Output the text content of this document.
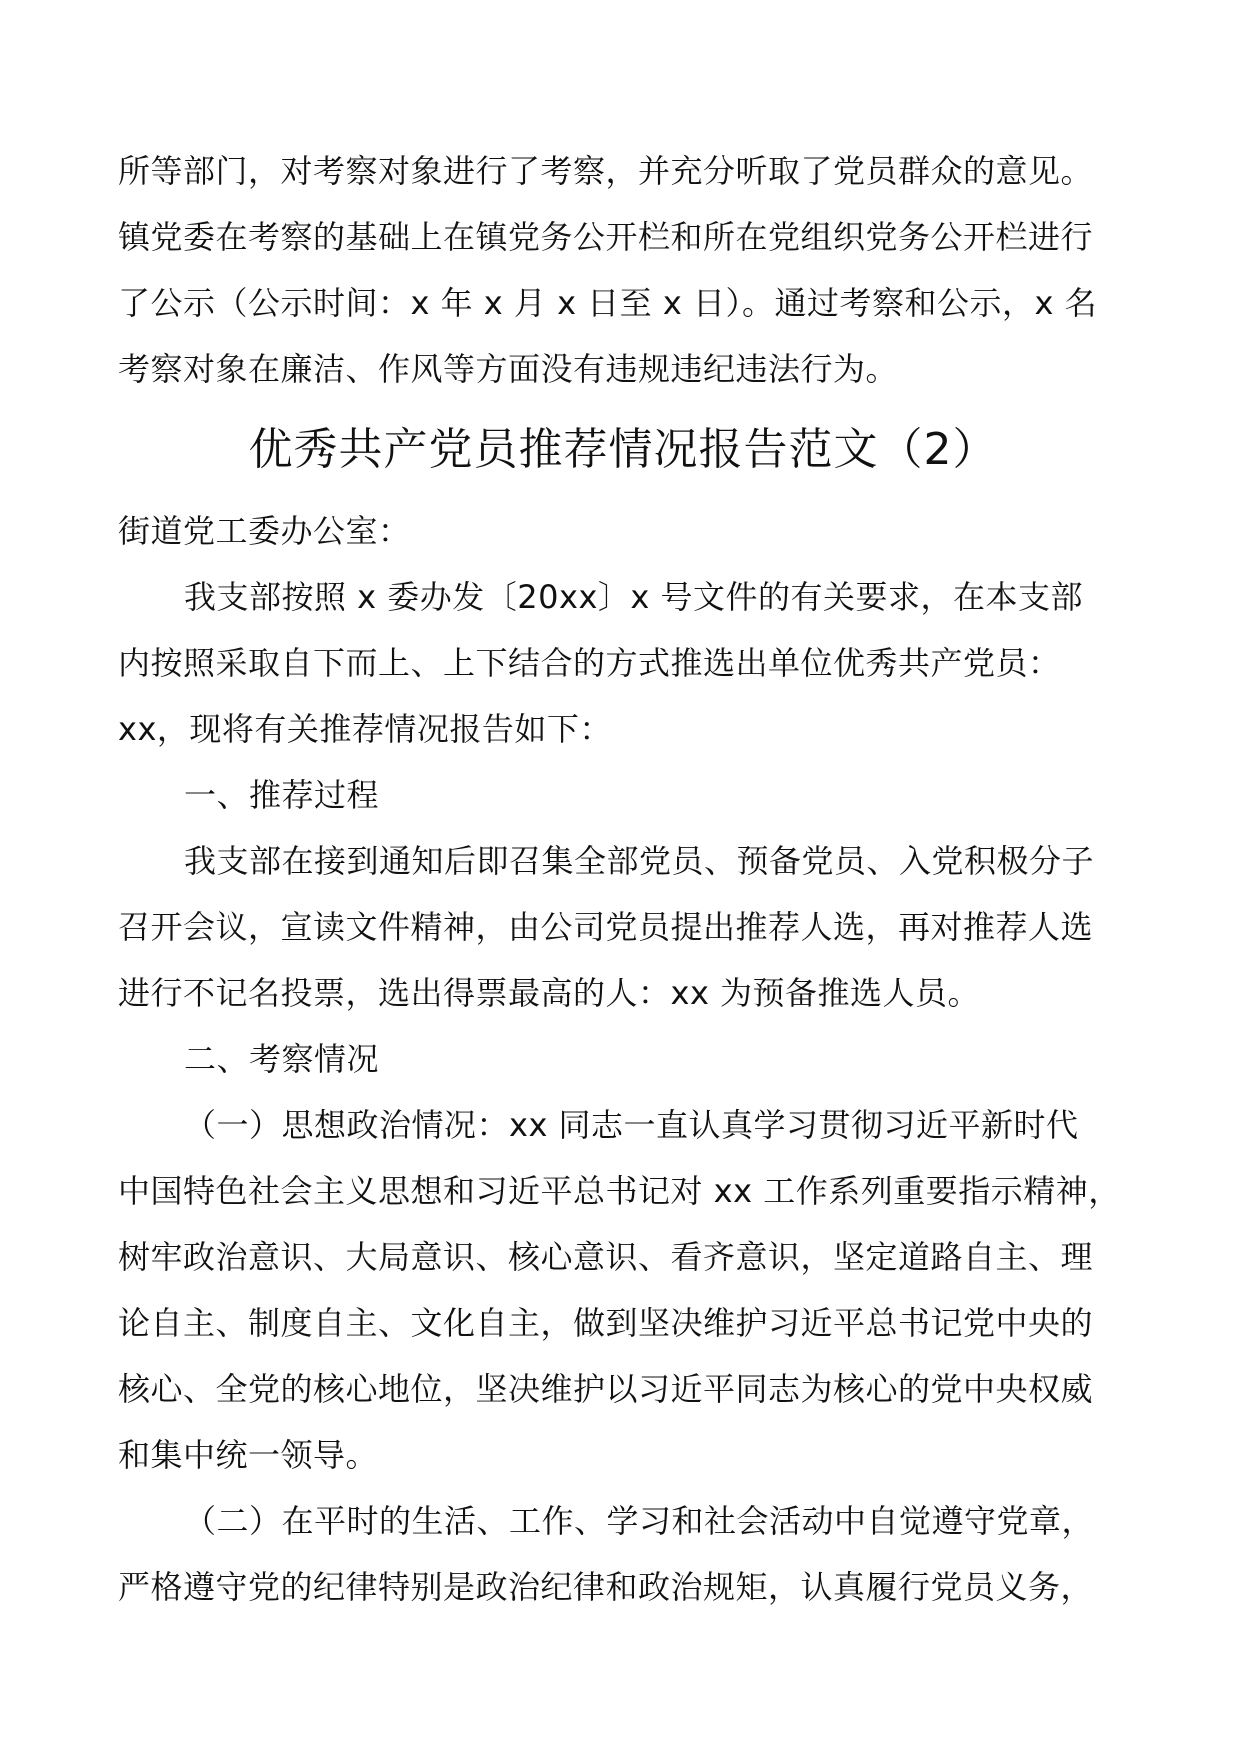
所等部门，对考察对象进行了考察，并充分听取了党员群众的意见。

镇党委在考察的基础上在镇党务公开栏和所在党组织党务公开栏进行

了公示（公示时间：x 年 x 月 x 日至 x 日）。通过考察和公示，x 名

考察对象在廉洁、作风等方面没有违规违纪违法行为。

优秀共产党员推荐情况报告范文（2）

街道党工委办公室：

我支部按照 x 委办发〔20xx〕x 号文件的有关要求，在本支部

内按照采取自下而上、上下结合的方式推选出单位优秀共产党员：

xx，现将有关推荐情况报告如下：

一、推荐过程

我支部在接到通知后即召集全部党员、预备党员、入党积极分子

召开会议，宣读文件精神，由公司党员提出推荐人选，再对推荐人选

进行不记名投票，选出得票最高的人：xx 为预备推选人员。

二、考察情况

（一）思想政治情况：xx 同志一直认真学习贯彻习近平新时代

中国特色社会主义思想和习近平总书记对 xx 工作系列重要指示精神，

树牢政治意识、大局意识、核心意识、看齐意识，坚定道路自主、理

论自主、制度自主、文化自主，做到坚决维护习近平总书记党中央的

核心、全党的核心地位，坚决维护以习近平同志为核心的党中央权威

和集中统一领导。

（二）在平时的生活、工作、学习和社会活动中自觉遵守党章，

严格遵守党的纪律特别是政治纪律和政治规矩，认真履行党员义务，
